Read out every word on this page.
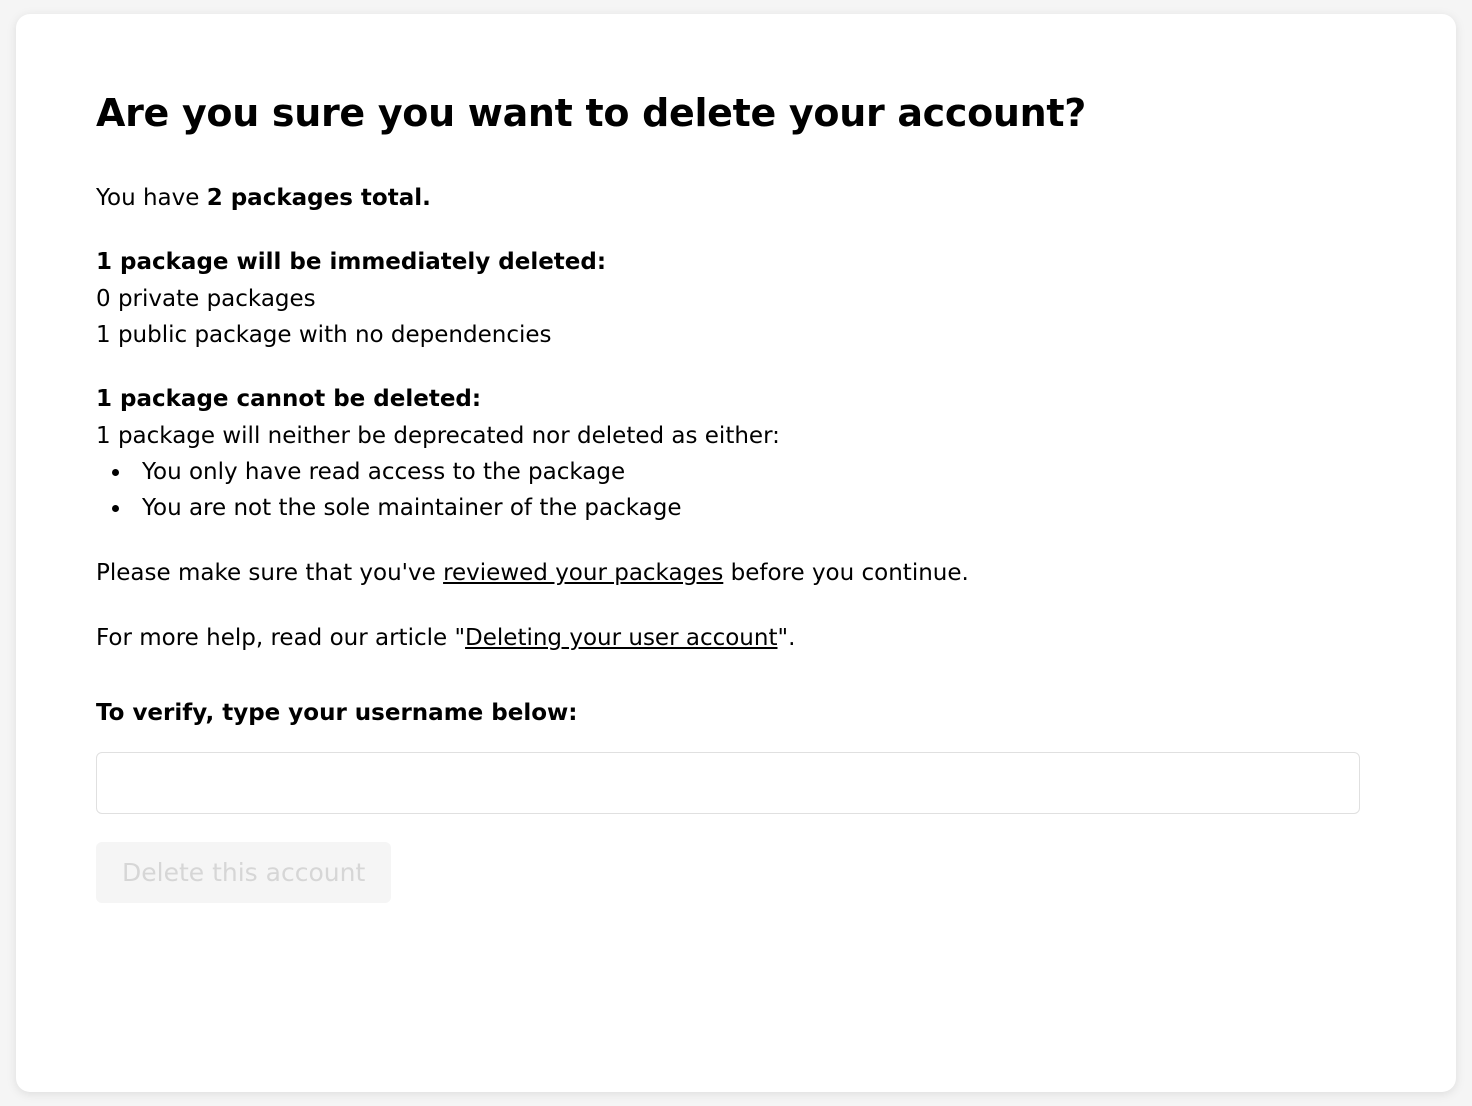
Are you sure you want to delete your account?

You have 2 packages total.

1 package will be immediately deleted:
0 private packages
1 public package with no dependencies
1 package cannot be deleted:
1 package will neither be deprecated nor deleted as either:
• You only have read access to the package
• You are not the sole maintainer of the package

Please make sure that you've reviewed your packages before you continue.

For more help, read our article "Deleting your user account".

To verify, type your username below:
Delete this account
